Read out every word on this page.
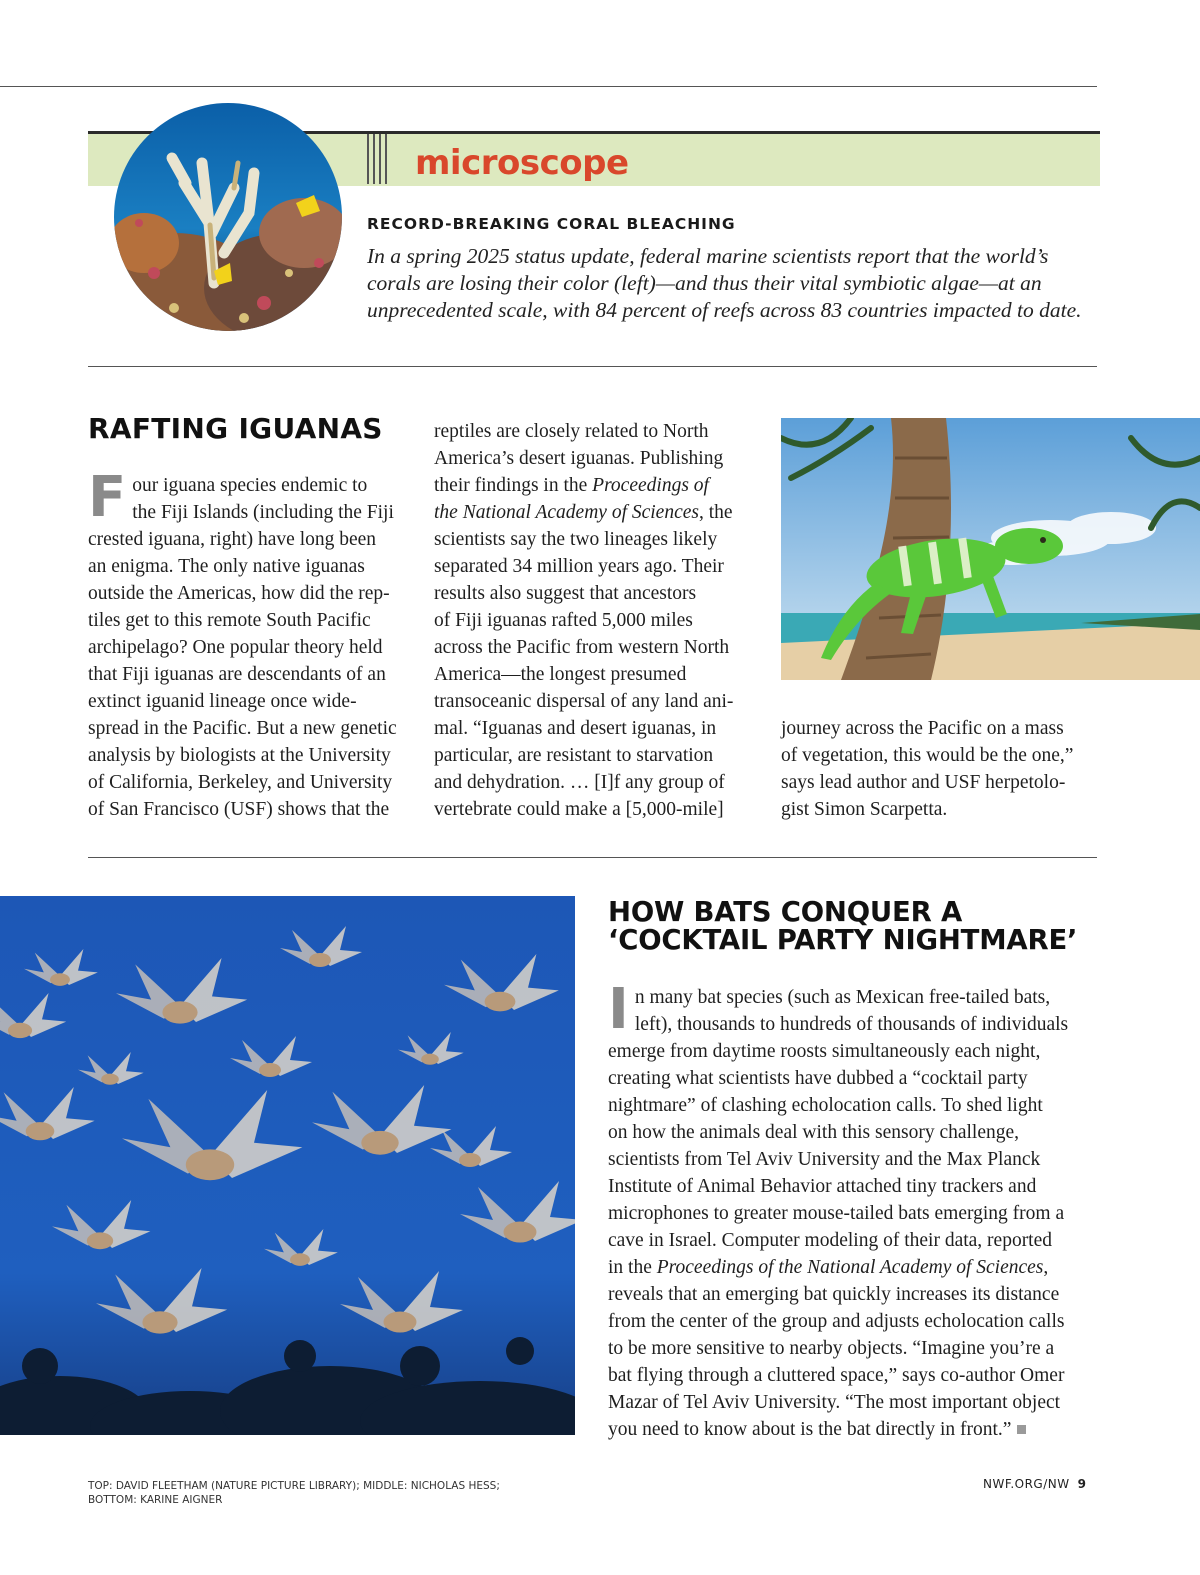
microscope
RECORD-BREAKING CORAL BLEACHING
In a spring 2025 status update, federal marine scientists report that the world’s
corals are losing their color (left)—and thus their vital symbiotic algae—at an
unprecedented scale, with 84 percent of reefs across 83 countries impacted to date.
RAFTING IGUANAS
F our iguana species endemic to

the Fiji Islands (including the Fiji

crested iguana, right) have long been

an enigma. The only native iguanas

outside the Americas, how did the rep-

tiles get to this remote South Pacific

archipelago? One popular theory held

that Fiji iguanas are descendants of an

extinct iguanid lineage once wide-

spread in the Pacific. But a new genetic

analysis by biologists at the University

of California, Berkeley, and University

of San Francisco (USF) shows that the

reptiles are closely related to North

America’s desert iguanas. Publishing

their findings in the Proceedings of

the National Academy of Sciences, the

scientists say the two lineages likely

separated 34 million years ago. Their

results also suggest that ancestors

of Fiji iguanas rafted 5,000 miles

across the Pacific from western North

America—the longest presumed

transoceanic dispersal of any land ani-

mal. “Iguanas and desert iguanas, in

particular, are resistant to starvation

and dehydration. … [I]f any group of

vertebrate could make a [5,000-mile]

journey across the Pacific on a mass

of vegetation, this would be the one,”

says lead author and USF herpetolo-

gist Simon Scarpetta.

HOW BATS CONQUER A
‘COCKTAIL PARTY NIGHTMARE’
I n many bat species (such as Mexican free-tailed bats,

left), thousands to hundreds of thousands of individuals

emerge from daytime roosts simultaneously each night,

creating what scientists have dubbed a “cocktail party

nightmare” of clashing echolocation calls. To shed light

on how the animals deal with this sensory challenge,

scientists from Tel Aviv University and the Max Planck

Institute of Animal Behavior attached tiny trackers and

microphones to greater mouse-tailed bats emerging from a

cave in Israel. Computer modeling of their data, reported

in the Proceedings of the National Academy of Sciences,

reveals that an emerging bat quickly increases its distance

from the center of the group and adjusts echolocation calls

to be more sensitive to nearby objects. “Imagine you’re a

bat flying through a cluttered space,” says co-author Omer

Mazar of Tel Aviv University. “The most important object

you need to know about is the bat directly in front.”

TOP: DAVID FLEETHAM (NATURE PICTURE LIBRARY); MIDDLE: NICHOLAS HESS;
BOTTOM: KARINE AIGNER
NWF.ORG/NW 9
